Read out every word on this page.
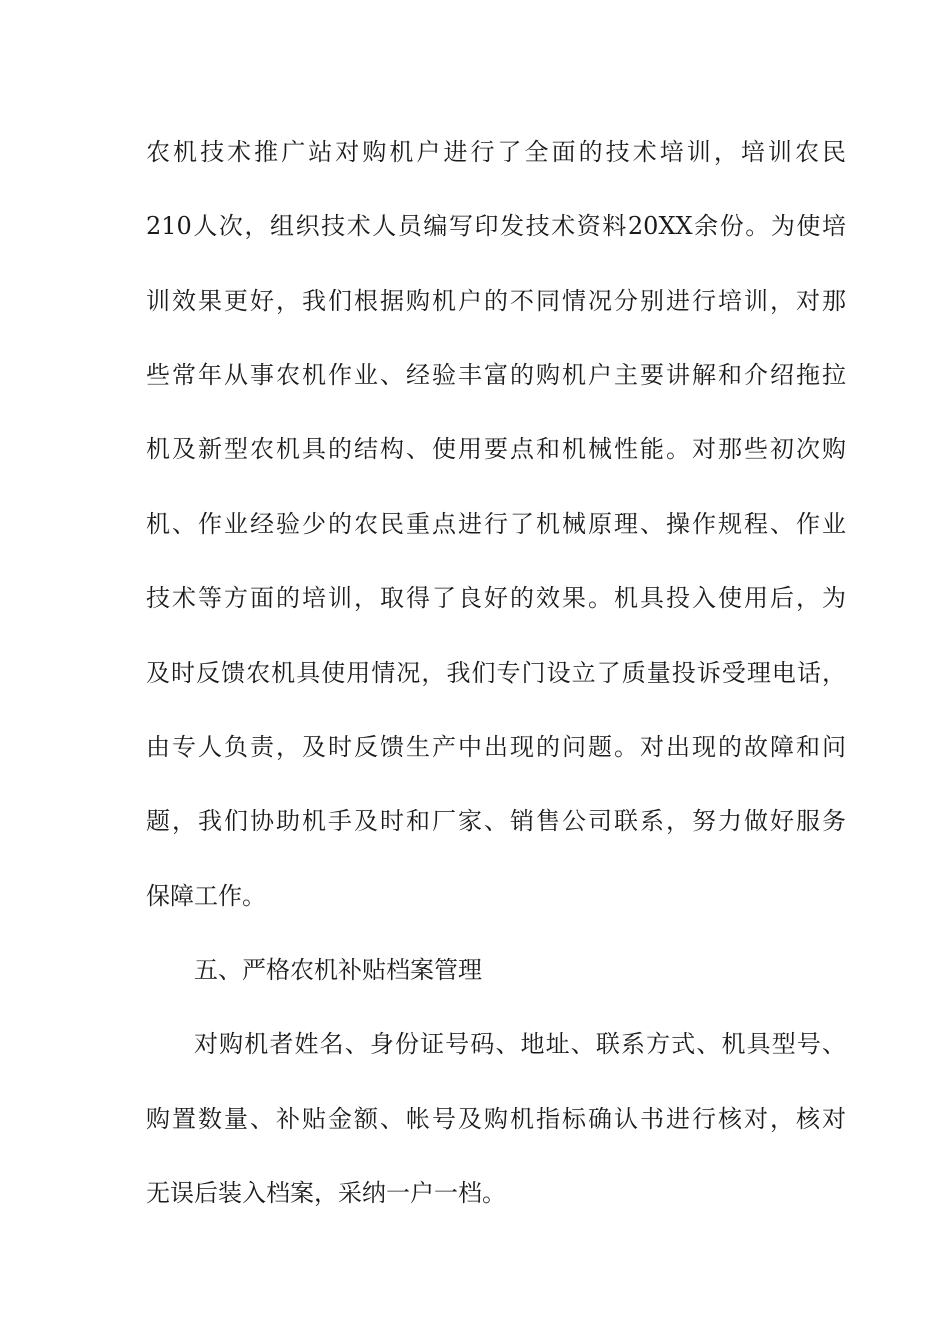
农机技术推广站对购机户进行了全面的技术培训，培训农民
210人次，组织技术人员编写印发技术资料20XX余份。为使培
训效果更好，我们根据购机户的不同情况分别进行培训，对那
些常年从事农机作业、经验丰富的购机户主要讲解和介绍拖拉
机及新型农机具的结构、使用要点和机械性能。对那些初次购
机、作业经验少的农民重点进行了机械原理、操作规程、作业
技术等方面的培训，取得了良好的效果。机具投入使用后，为
及时反馈农机具使用情况，我们专门设立了质量投诉受理电话，
由专人负责，及时反馈生产中出现的问题。对出现的故障和问
题，我们协助机手及时和厂家、销售公司联系，努力做好服务
保障工作。
五、严格农机补贴档案管理
对购机者姓名、身份证号码、地址、联系方式、机具型号、
购置数量、补贴金额、帐号及购机指标确认书进行核对，核对
无误后装入档案，采纳一户一档。
